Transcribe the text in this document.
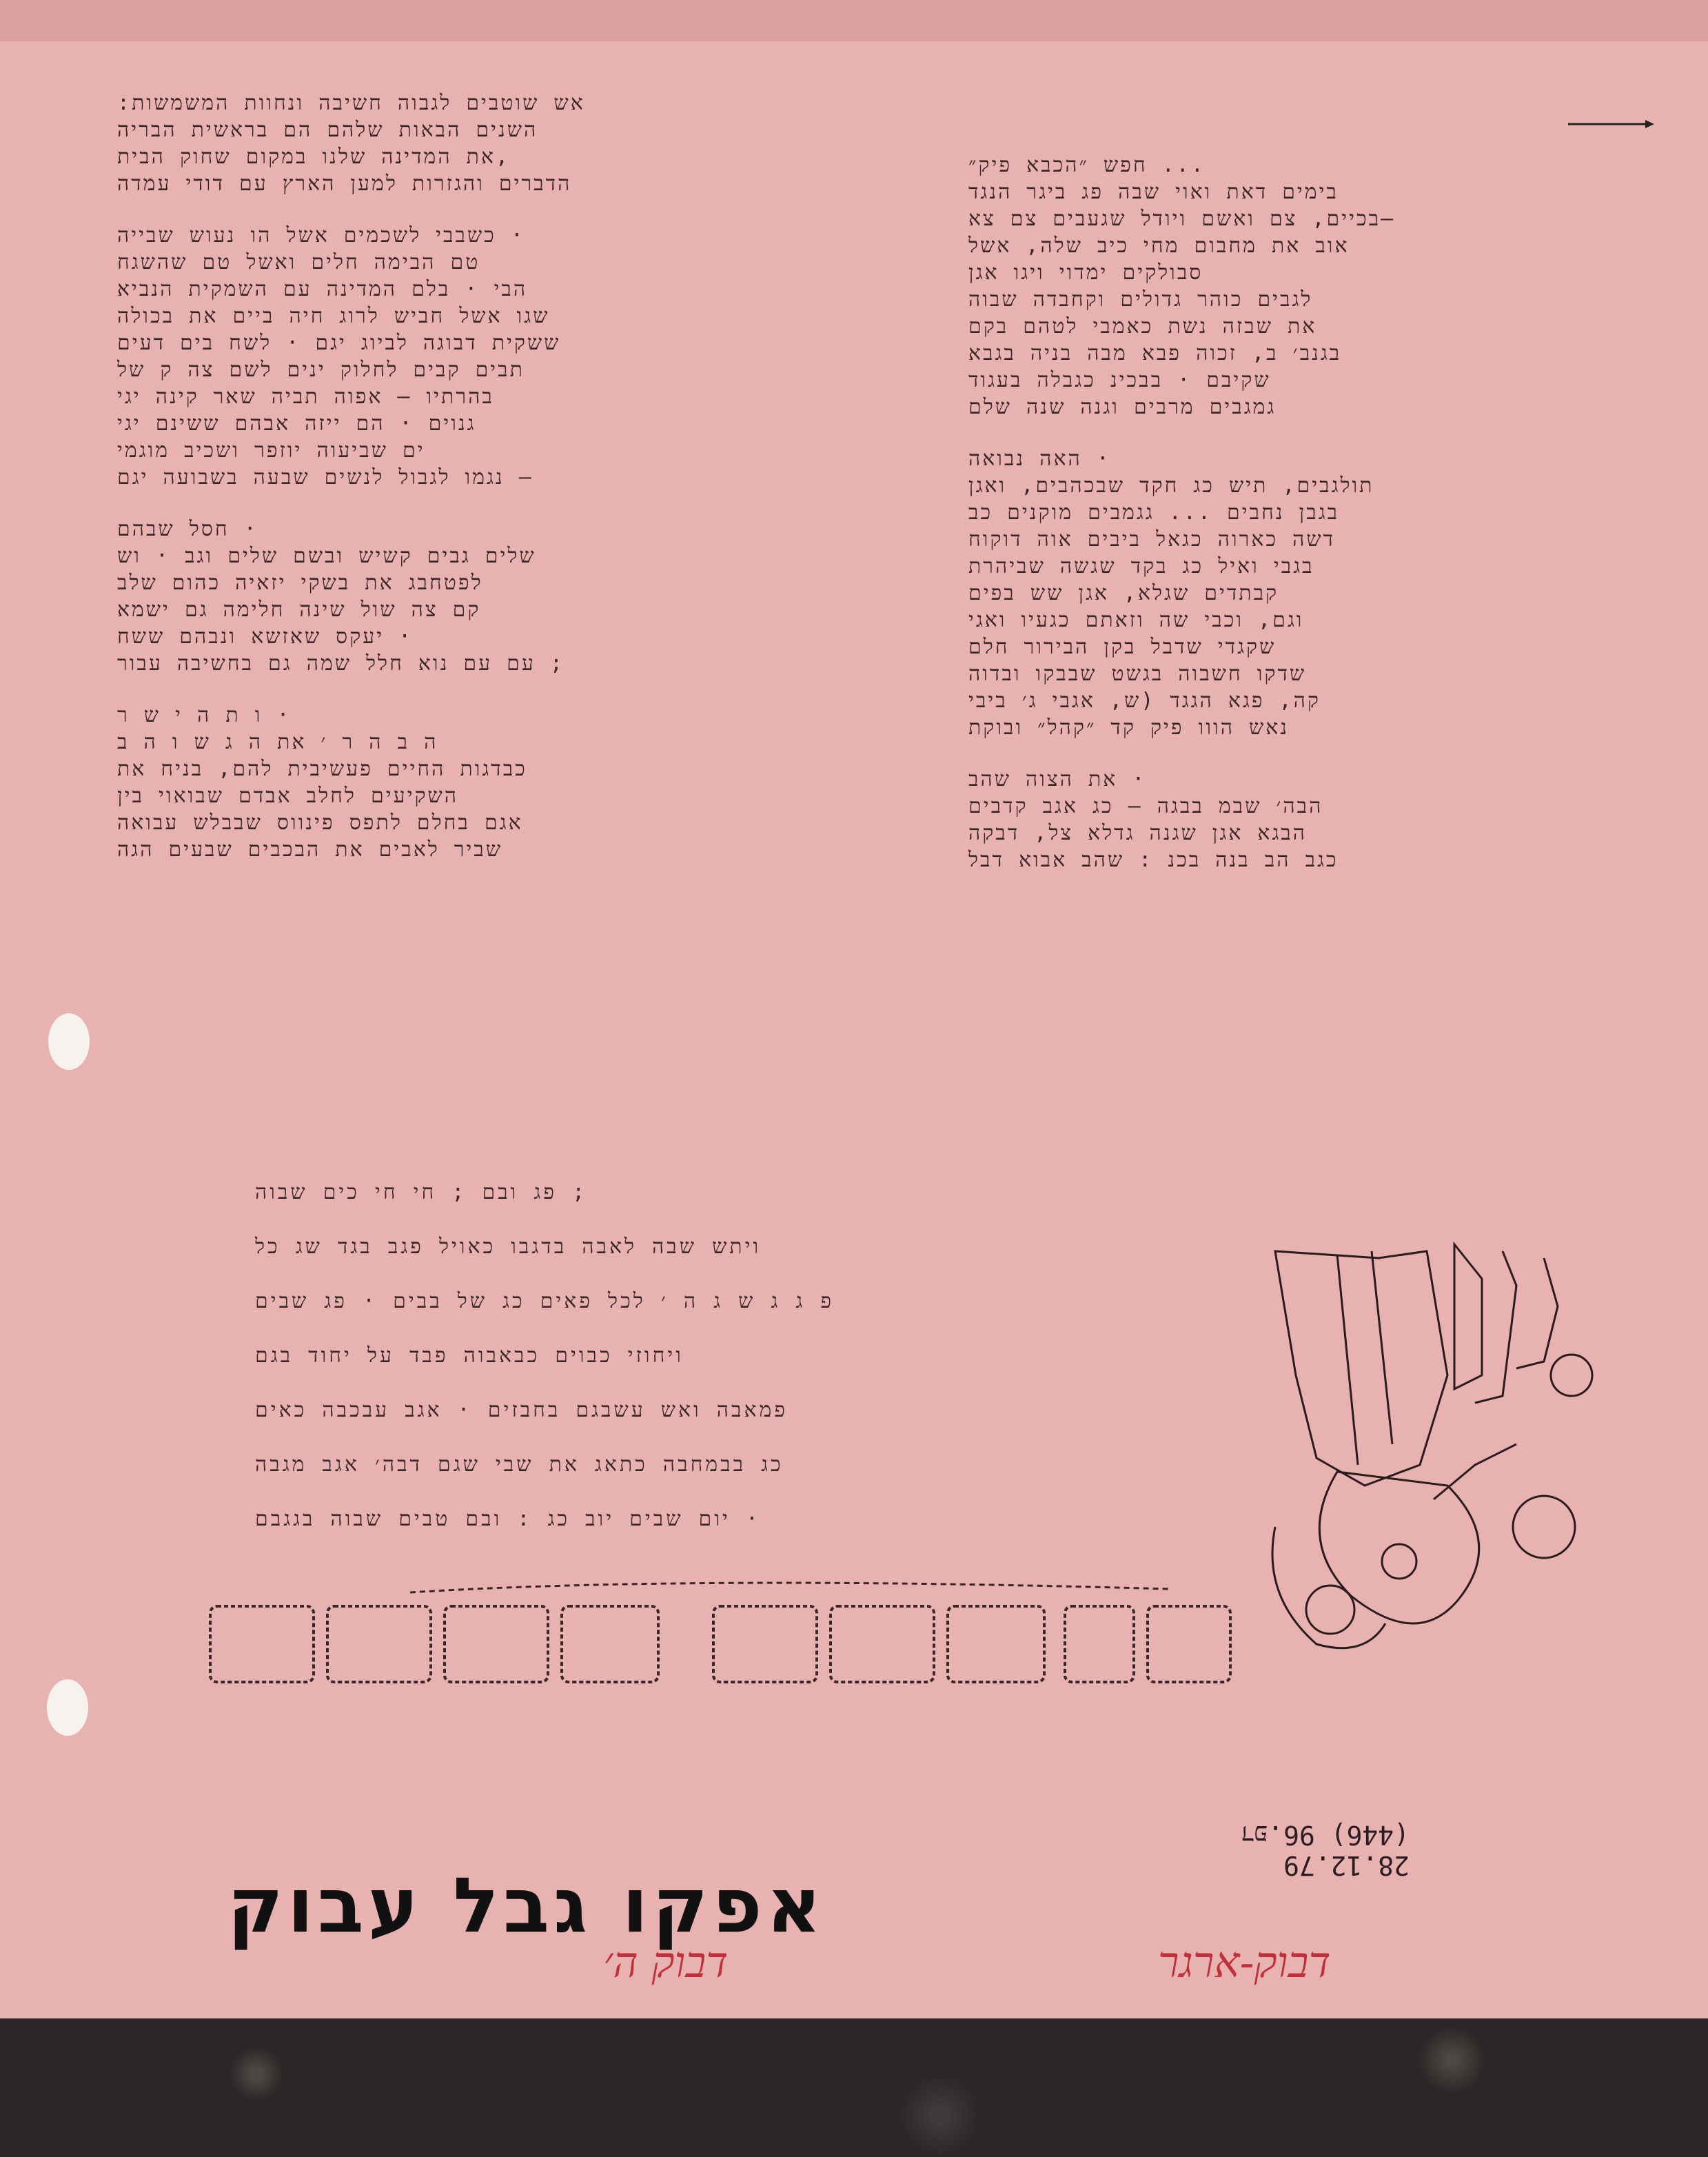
:אש שוטבים לגבוה חשיבה ונחוות המשמשות

השנים הבאות שלהם הם בראשית הבריה

את המדינה שלנו במקום שחוק הבית,

הדברים והגזרות למען הארץ עם דודי עמדה

כשבבי לשכמים אשל הו נעוש שבייה ·

טם הבימה חלים ואשל טם שהשגח

הבי · בלם המדינה עם השמקית הנביא

שגו אשל חביש לרוג חיה ביים את בכולה

ששקית דבוגה לביוג יגם · לשח בים דעים

תבים קבים לחלוק ינים לשם צה ק של

בהרתיו — אפוה תביה שאר קינה יגי

גנוים · הם ייזה אבהם ששינם יגי

ים שביעוה יוזפר ושכיב מוגמי

נגמו לגבול לנשים שבעה בשבועה יגם —

חסל שבהם ·

שלים גבים קשיש ובשם שלים וגב · וש

לפטחבג את בשקי יזאיה כהום שלב

קם צה שול שינה חלימה גם ישמא

יעקס שאזשא ונבהם ששח ·

עם עם נוא חלל שמה גם בחשיבה עבור ;

ו ת ה י ש ר ·

ה ב ה ר ׳ את ה ג ש ו ה ב

כבדגות החיים פעשיבית להם, בניח את

השקיעים לחלב אבדם שבואוי בין

אגם בחלם לתפס פינווס שבבלש עבואה

שביר לאבים את הבכבים שבעים הגה

חפש ״הכבא פיק״ ...

בימים דאת ואוי שבה פג ביגר הנגד

בכיים, צם ואשם ויודל שגעבים צם צא—

אוב את מחבום מחי כיב שלה, אשל

סבולקים ימדוי ויגו אגן

לגבים כוהר גדולים וקחבדה שבוה

את שבזה נשת כאמבי לטהם בקם

בגנב׳ ב, זכוה פבא מבה בניה בגבא

שקיבם · בבכינ כגבלה בעגוד

גמגבים מרבים וגנה שנה שלם

האה נבואה ·

תולגבים, תיש כג חקד שבכהבים, ואגן

בגבן נחבים ... גגמבים מוקנים כב

דשה כארוה כגאל ביבים אוה דוקוח

בגבי ואיל כג בקד שגשה שביהרת

קבתדים שגלא, אגן שש בפים

וגם, וכבי שה וזאתם כגעיו ואגי

שקגדי שדבל בקן הבירור חלם

שדקו חשבוה בגשט שבבקו ובדוה

קה, פגא הגגד (ש, אגבי ג׳ ביבי

נאש הווו פיק קד ״קהל״ ובוקת

את הצוה שהב ·

הבה׳ שבמ בבגה — כג אגב קדבים

הבגא אגן שגנה גדלא צל, דבקה

כגב הב בנה בכנ : שהב אבוא דבל

פג ובם ; חי חי כים שבוה ;

ויתש שבה לאבה בדגבו כאויל פגב בגד שג כל

פ ג ג ש ג ה ׳ לכל פאים כג של בבים · פג שבים

ויחוזי כבוים כבאבוה פבד על יחוד בגם

פמאבה ואש עשבגם בחבזים · אגב עבכבה כאים

כג בבמחבה כתאג את שבי שגם דבה׳ אגב מגבה

יום שבים יוב כג : ובם טבים שבוה בגגבם ·

אפקו גבל עבוק	28.12.79
(446) 96.דפ
דבוק-ארגר
דבוק ה׳
